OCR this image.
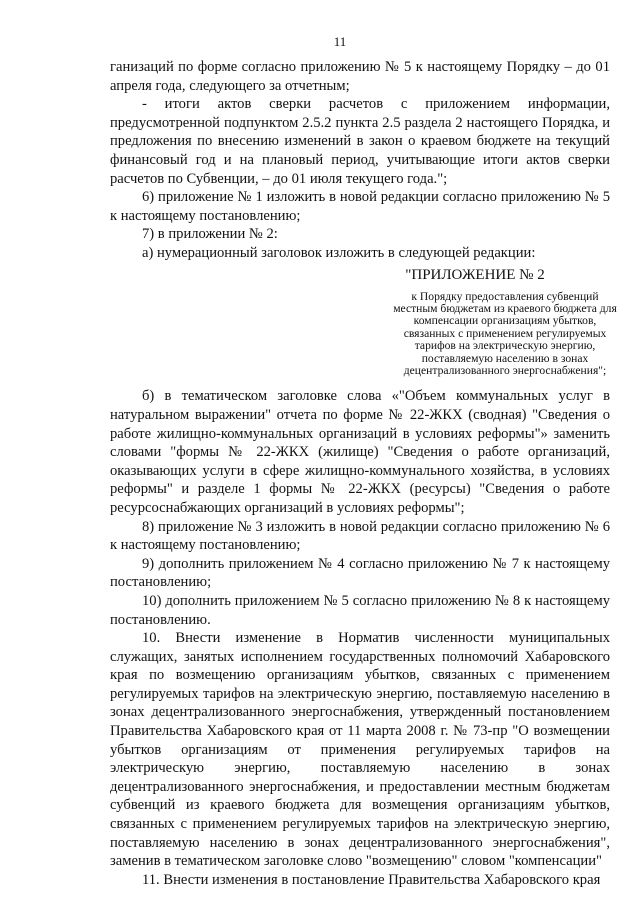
11

ганизаций по форме согласно приложению № 5 к настоящему Порядку – до 01 апреля года, следующего за отчетным;

- итоги актов сверки расчетов с приложением информации, предусмотренной подпунктом 2.5.2 пункта 2.5 раздела 2 настоящего Порядка, и предложения по внесению изменений в закон о краевом бюджете на текущий финансовый год и на плановый период, учитывающие итоги актов сверки расчетов по Субвенции, – до 01 июля текущего года.";

6) приложение № 1 изложить в новой редакции согласно приложению № 5 к настоящему постановлению;

7) в приложении № 2:

а) нумерационный заголовок изложить в следующей редакции:

"ПРИЛОЖЕНИЕ № 2
к Порядку предоставления субвенций местным бюджетам из краевого бюджета для компенсации организациям убытков, связанных с применением регулируемых тарифов на электрическую энергию, поставляемую населению в зонах децентрализованного энергоснабжения";

б) в тематическом заголовке слова «"Объем коммунальных услуг в натуральном выражении" отчета по форме № 22-ЖКХ (сводная) "Сведения о работе жилищно-коммунальных организаций в условиях реформы"» заменить словами "формы № 22-ЖКХ (жилище) "Сведения о работе организаций, оказывающих услуги в сфере жилищно-коммунального хозяйства, в условиях реформы" и разделе 1 формы № 22-ЖКХ (ресурсы) "Сведения о работе ресурсоснабжающих организаций в условиях реформы";

8) приложение № 3 изложить в новой редакции согласно приложению № 6 к настоящему постановлению;

9) дополнить приложением № 4 согласно приложению № 7 к настоящему постановлению;

10) дополнить приложением № 5 согласно приложению № 8 к настоящему постановлению.

10. Внести изменение в Норматив численности муниципальных служащих, занятых исполнением государственных полномочий Хабаровского края по возмещению организациям убытков, связанных с применением регулируемых тарифов на электрическую энергию, поставляемую населению в зонах децентрализованного энергоснабжения, утвержденный постановлением Правительства Хабаровского края от 11 марта 2008 г. № 73-пр "О возмещении убытков организациям от применения регулируемых тарифов на электрическую энергию, поставляемую населению в зонах децентрализованного энергоснабжения, и предоставлении местным бюджетам субвенций из краевого бюджета для возмещения организациям убытков, связанных с применением регулируемых тарифов на электрическую энергию, поставляемую населению в зонах децентрализованного энергоснабжения", заменив в тематическом заголовке слово "возмещению" словом "компенсации"

11. Внести изменения в постановление Правительства Хабаровского края
